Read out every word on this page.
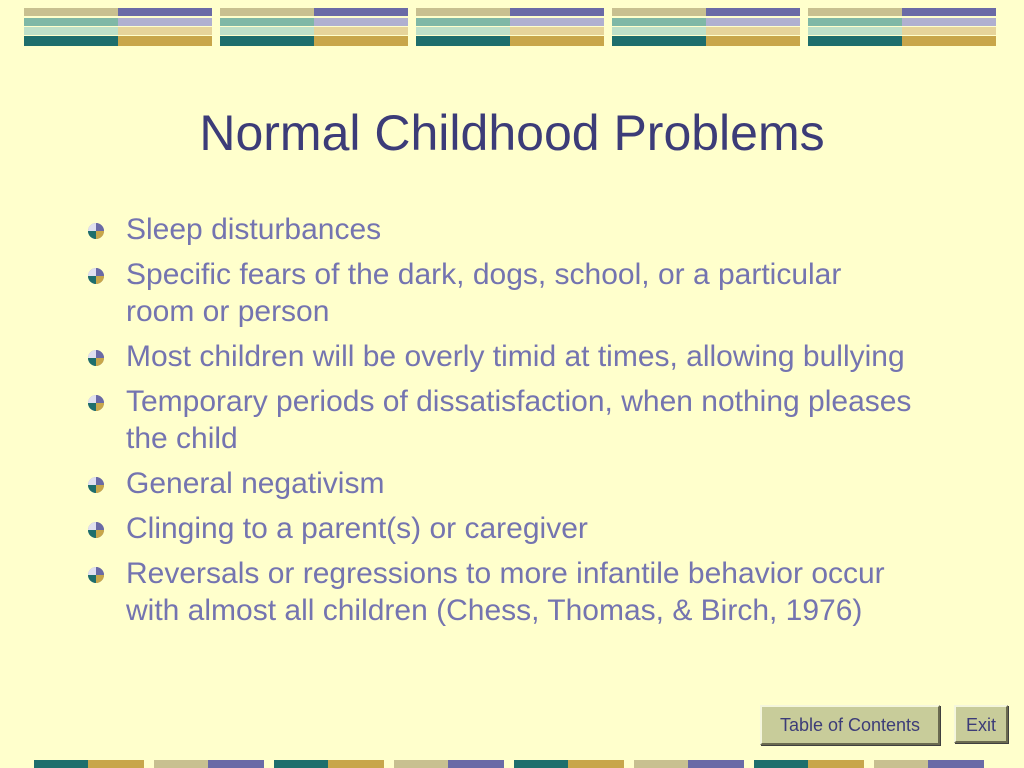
Normal Childhood Problems
Sleep disturbances
Specific fears of the dark, dogs, school, or a particular room or person
Most children will be overly timid at times, allowing bullying
Temporary periods of dissatisfaction, when nothing pleases the child
General negativism
Clinging to a parent(s) or caregiver
Reversals or regressions to more infantile behavior occur with almost all children (Chess, Thomas, & Birch, 1976)
Table of Contents	Exit
